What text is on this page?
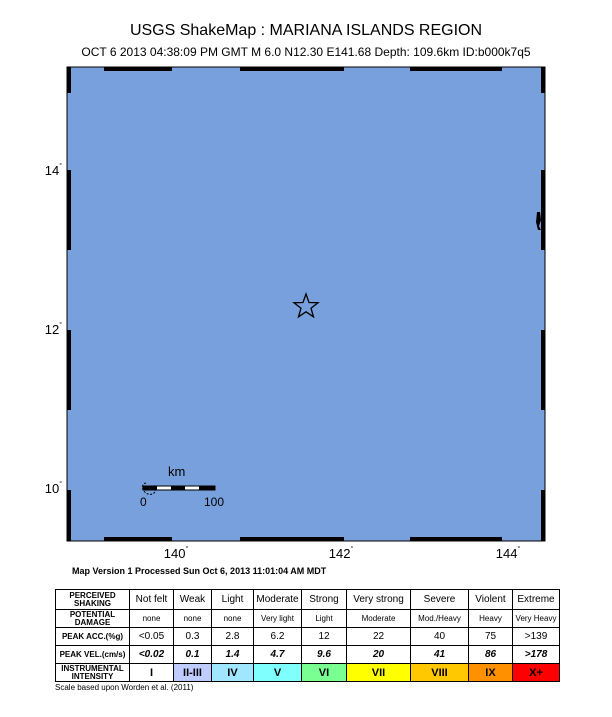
USGS ShakeMap : MARIANA ISLANDS REGION
OCT 6 2013 04:38:09 PM GMT M 6.0 N12.30 E141.68 Depth: 109.6km ID:b000k7q5
14°
12°
10°
140°	142°	144°
km
0	100
Map Version 1 Processed Sun Oct 6, 2013 11:01:04 AM MDT
PERCEIVED SHAKING	Not felt	Weak	Light	Moderate	Strong	Very strong	Severe	Violent	Extreme
POTENTIAL DAMAGE	none	none	none	Very light	Light	Moderate	Mod./Heavy	Heavy	Very Heavy
PEAK ACC.(%g)	<0.05	0.3	2.8	6.2	12	22	40	75	>139
PEAK VEL.(cm/s)	<0.02	0.1	1.4	4.7	9.6	20	41	86	>178
INSTRUMENTAL INTENSITY	I	II-III	IV	V	VI	VII	VIII	IX	X+
Scale based upon Worden et al. (2011)
